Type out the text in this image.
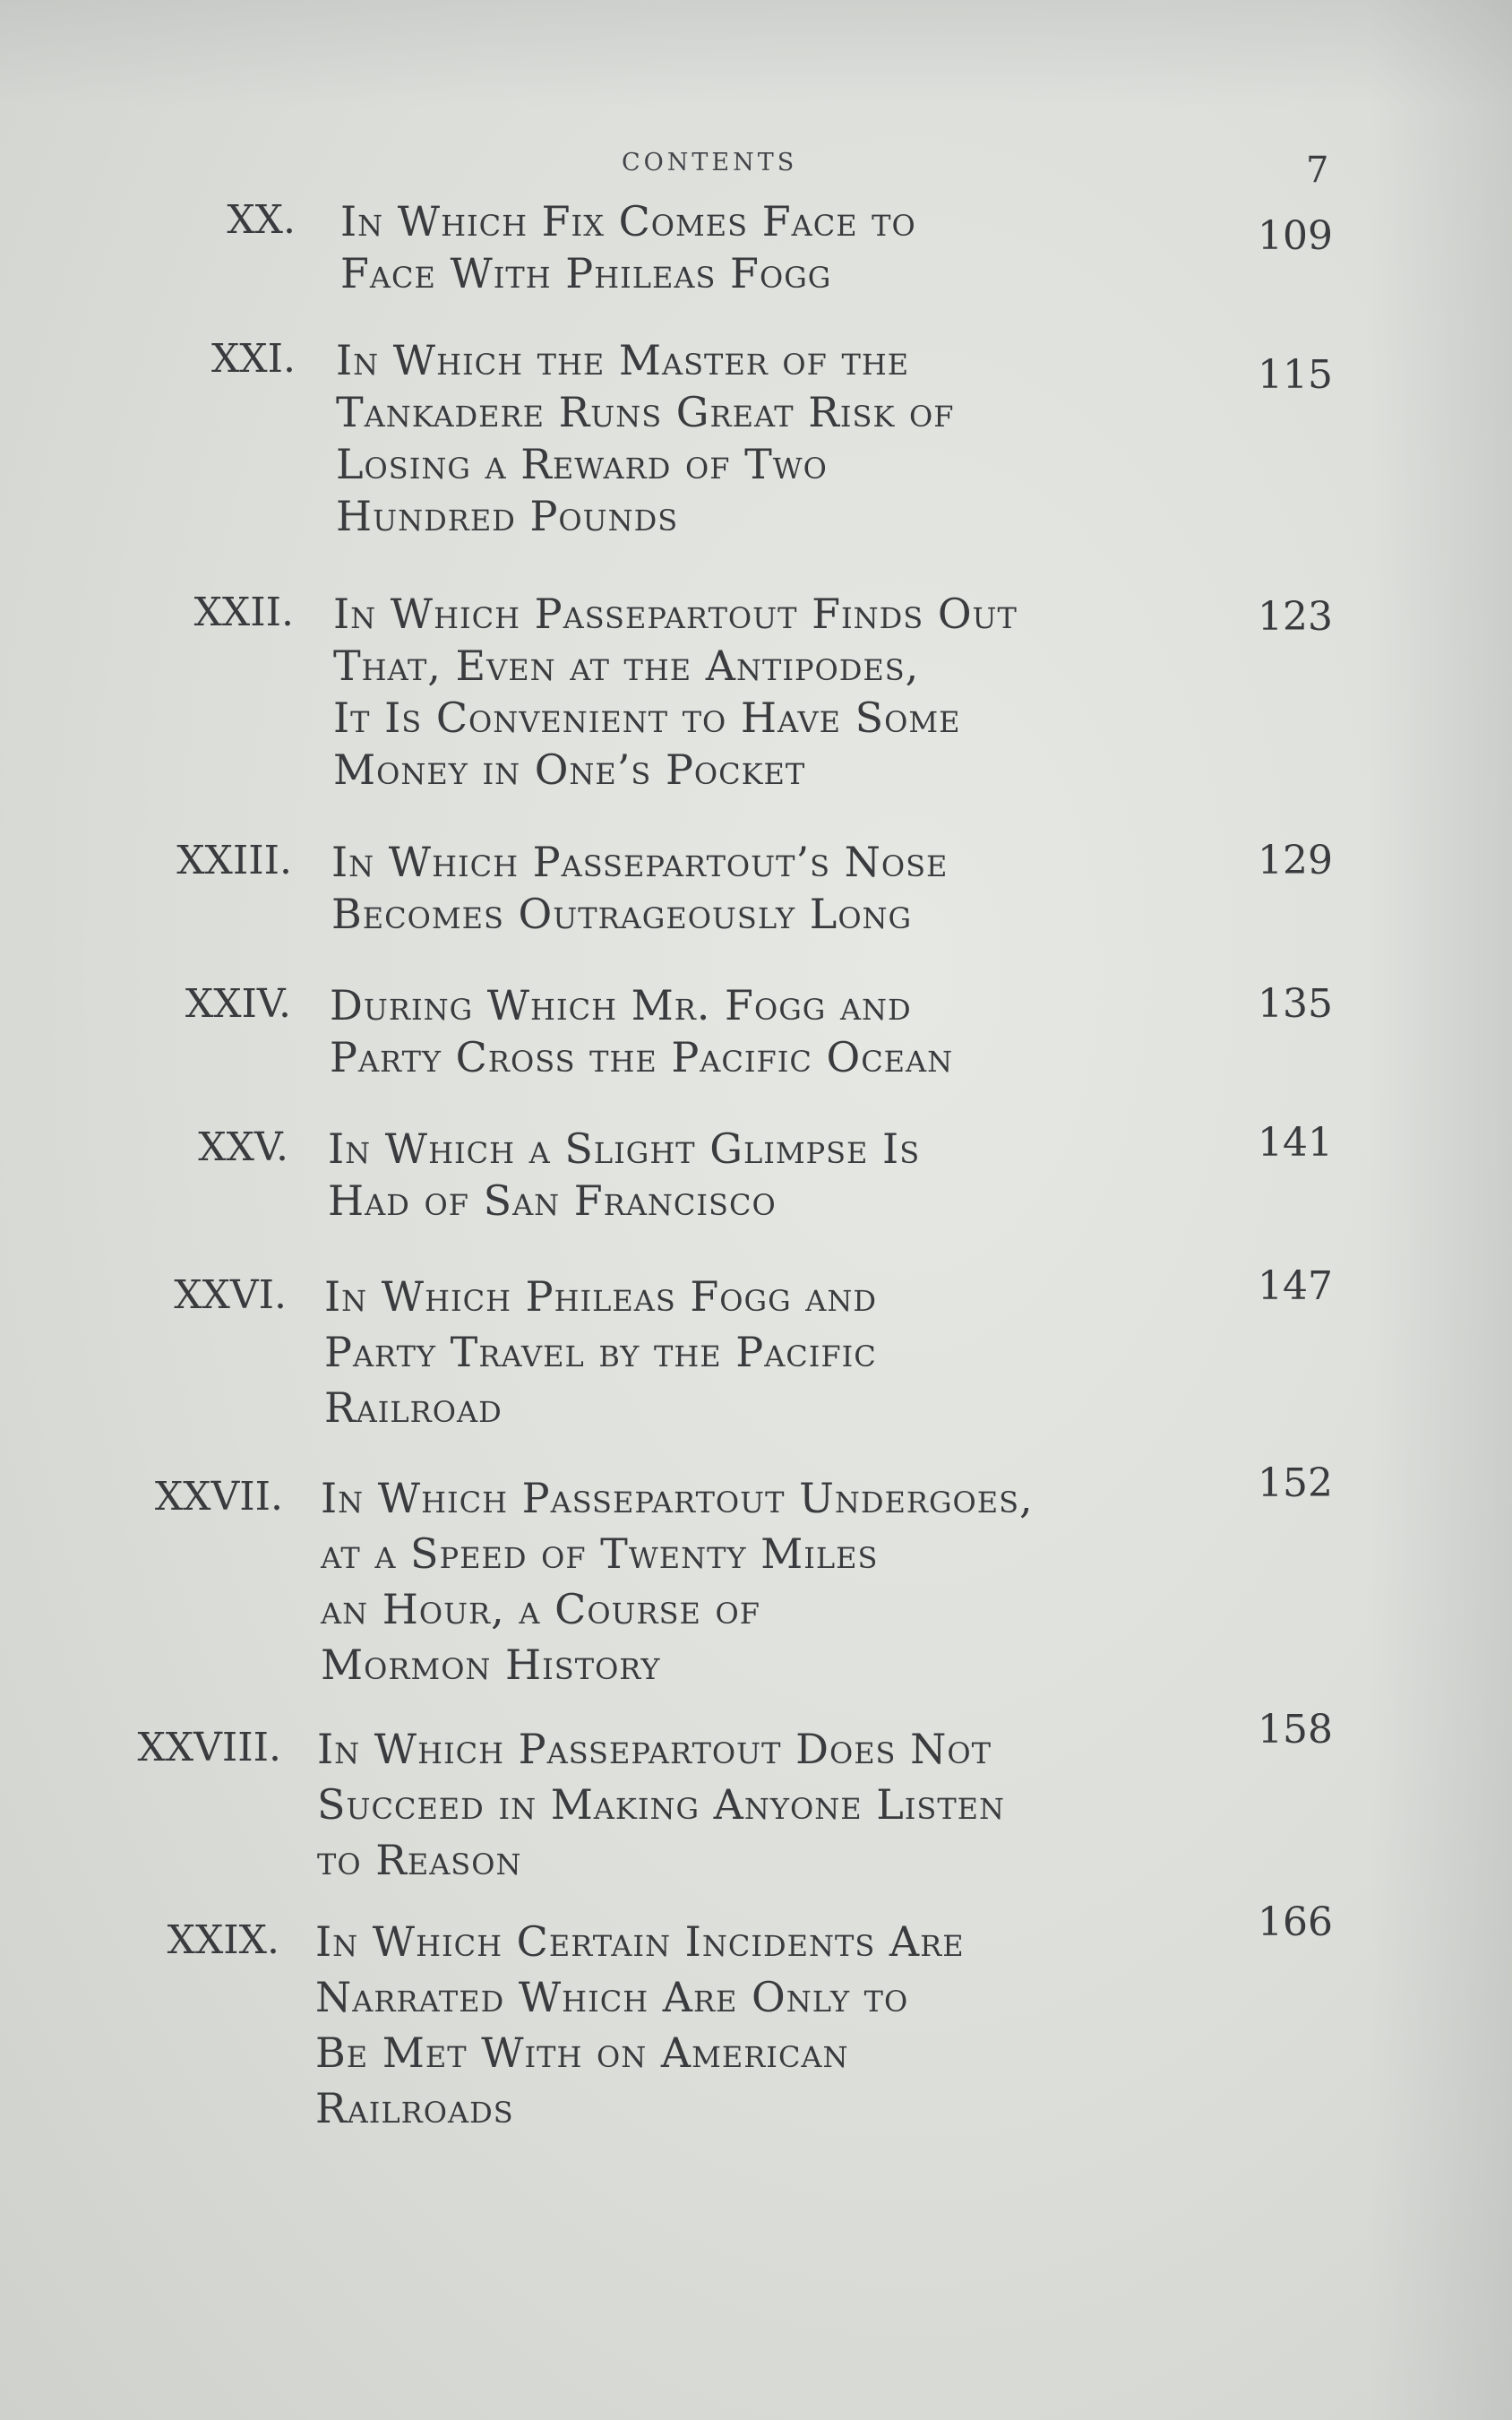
contents	7
XX. In Which Fix Comes Face to
Face With Phileas Fogg
109
XXI. In Which the Master of the
Tankadere Runs Great Risk of
Losing a Reward of Two
Hundred Pounds
115
XXII. In Which Passepartout Finds Out
That, Even at the Antipodes,
It Is Convenient to Have Some
Money in One’s Pocket
123
XXIII. In Which Passepartout’s Nose
Becomes Outrageously Long
129
XXIV. During Which Mr. Fogg and
Party Cross the Pacific Ocean
135
XXV. In Which a Slight Glimpse Is
Had of San Francisco
141
XXVI. In Which Phileas Fogg and
Party Travel by the Pacific
Railroad
147
XXVII. In Which Passepartout Undergoes,
at a Speed of Twenty Miles
an Hour, a Course of
Mormon History
152
XXVIII. In Which Passepartout Does Not
Succeed in Making Anyone Listen
to Reason
158
XXIX. In Which Certain Incidents Are
Narrated Which Are Only to
Be Met With on American
Railroads
166
